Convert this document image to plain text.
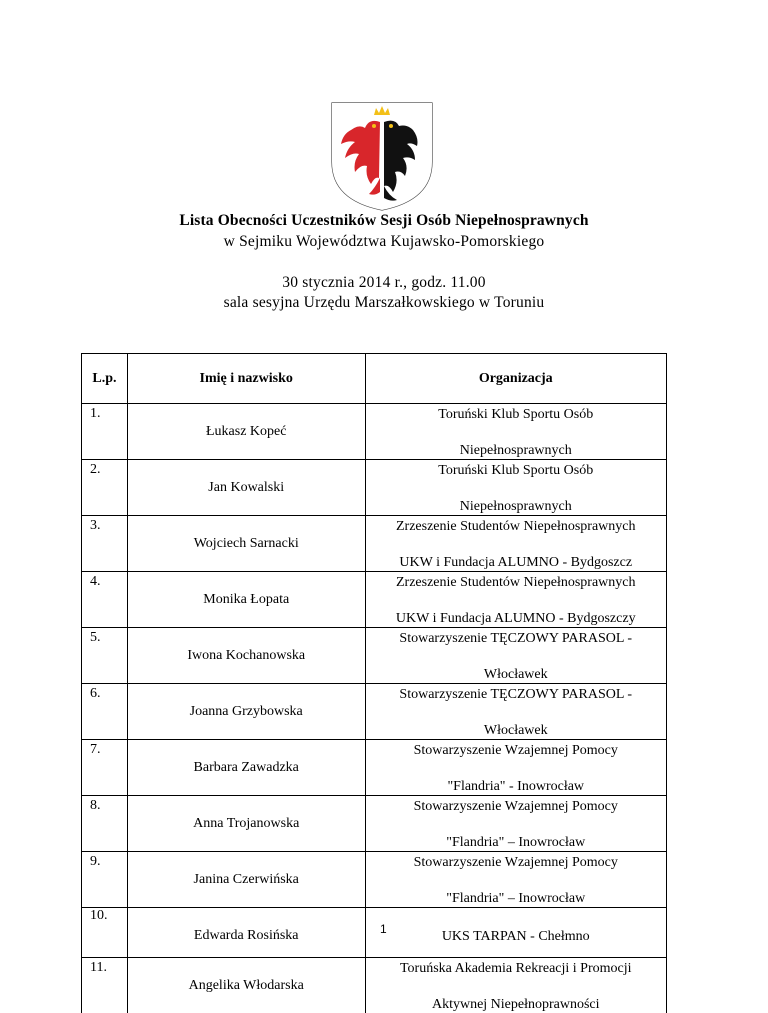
Lista Obecności Uczestników Sesji Osób Niepełnosprawnych
w Sejmiku Województwa Kujawsko-Pomorskiego
30 stycznia 2014 r., godz. 11.00
sala sesyjna Urzędu Marszałkowskiego w Toruniu
L.p.	Imię i nazwisko	Organizacja

1.	Łukasz Kopeć	Toruński Klub Sportu Osób

Niepełnosprawnych

2.	Jan Kowalski	Toruński Klub Sportu Osób

Niepełnosprawnych

3.	Wojciech Sarnacki	Zrzeszenie Studentów Niepełnosprawnych

UKW i Fundacja ALUMNO - Bydgoszcz

4.	Monika Łopata	Zrzeszenie Studentów Niepełnosprawnych

UKW i Fundacja ALUMNO - Bydgoszczy

5.	Iwona Kochanowska	Stowarzyszenie TĘCZOWY PARASOL -

Włocławek

6.	Joanna Grzybowska	Stowarzyszenie TĘCZOWY PARASOL -

Włocławek

7.	Barbara Zawadzka	Stowarzyszenie Wzajemnej Pomocy

"Flandria" - Inowrocław

8.	Anna Trojanowska	Stowarzyszenie Wzajemnej Pomocy

"Flandria" – Inowrocław

9.	Janina Czerwińska	Stowarzyszenie Wzajemnej Pomocy

"Flandria" – Inowrocław

10.	Edwarda Rosińska	UKS TARPAN - Chełmno

11.	Angelika Włodarska	Toruńska Akademia Rekreacji i Promocji

Aktywnej Niepełnoprawności
1
